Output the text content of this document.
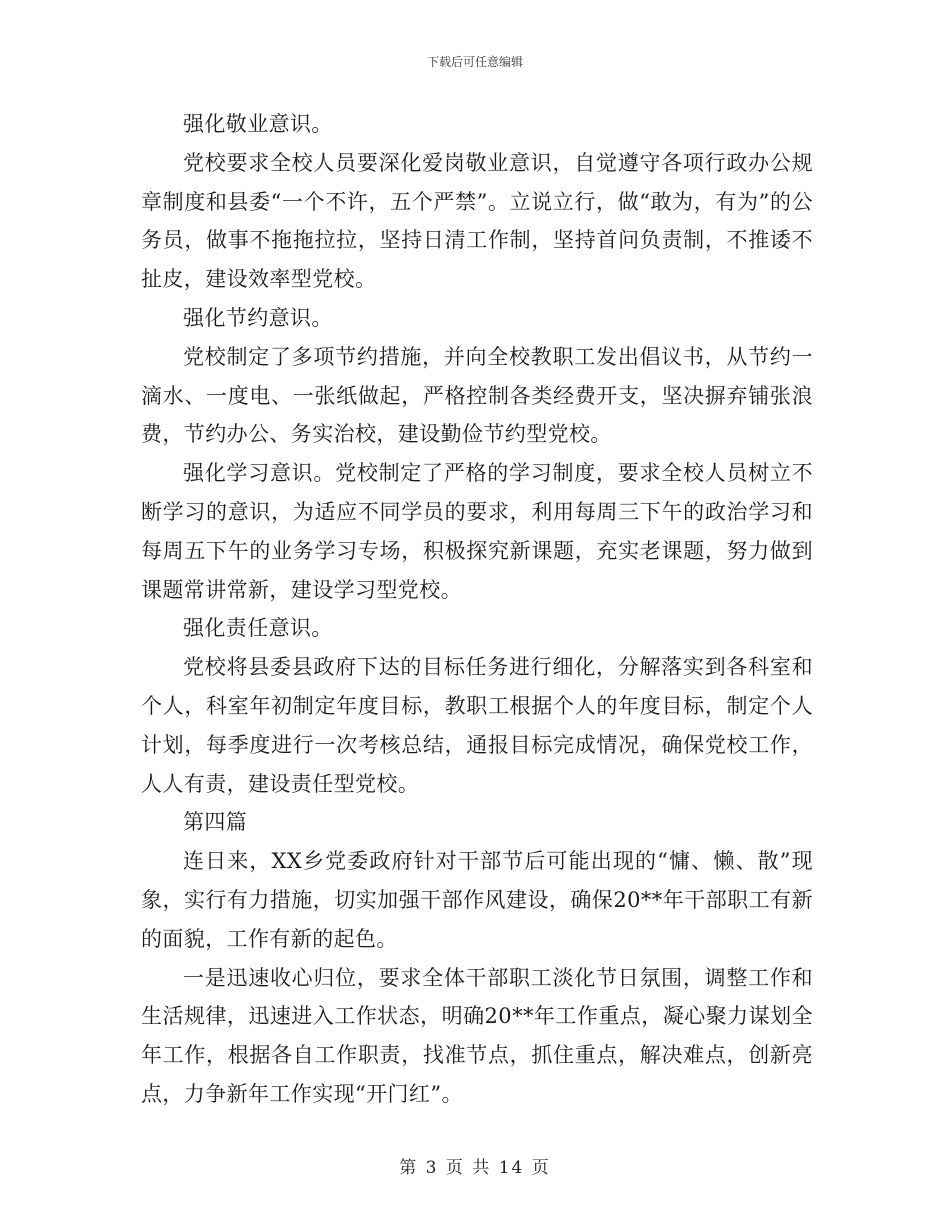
下载后可任意编辑

强化敬业意识。

党校要求全校人员要深化爱岗敬业意识，自觉遵守各项行政办公规章制度和县委“一个不许，五个严禁”。立说立行，做“敢为，有为”的公务员，做事不拖拖拉拉，坚持日清工作制，坚持首问负责制，不推诿不扯皮，建设效率型党校。

强化节约意识。

党校制定了多项节约措施，并向全校教职工发出倡议书，从节约一滴水、一度电、一张纸做起，严格控制各类经费开支，坚决摒弃铺张浪费，节约办公、务实治校，建设勤俭节约型党校。

强化学习意识。党校制定了严格的学习制度，要求全校人员树立不断学习的意识，为适应不同学员的要求，利用每周三下午的政治学习和每周五下午的业务学习专场，积极探究新课题，充实老课题，努力做到课题常讲常新，建设学习型党校。

强化责任意识。

党校将县委县政府下达的目标任务进行细化，分解落实到各科室和个人，科室年初制定年度目标，教职工根据个人的年度目标，制定个人计划，每季度进行一次考核总结，通报目标完成情况，确保党校工作，人人有责，建设责任型党校。

第四篇

连日来，XX乡党委政府针对干部节后可能出现的“慵、懒、散”现象，实行有力措施，切实加强干部作风建设，确保20**年干部职工有新的面貌，工作有新的起色。

一是迅速收心归位，要求全体干部职工淡化节日氛围，调整工作和生活规律，迅速进入工作状态，明确20**年工作重点，凝心聚力谋划全年工作，根据各自工作职责，找准节点，抓住重点，解决难点，创新亮点，力争新年工作实现“开门红”。

第 3 页 共 14 页
